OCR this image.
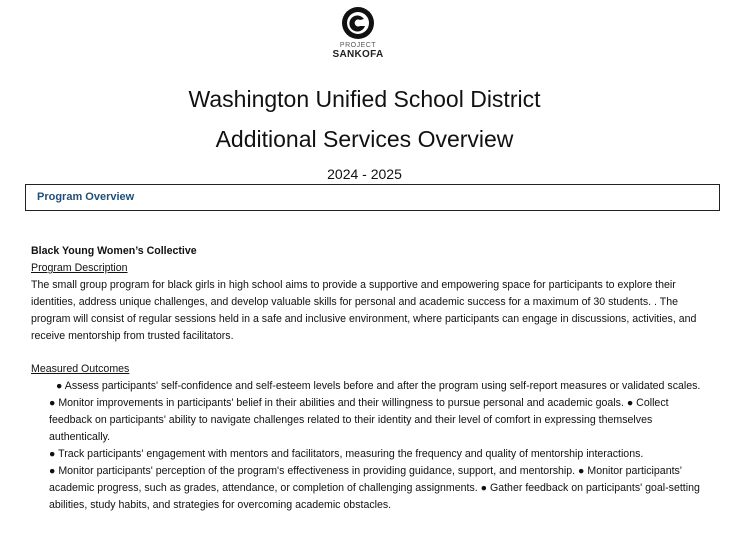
PROJECT
SANKOFA
Washington Unified School District
Additional Services Overview
2024 - 2025
Program Overview

Black Young Women’s Collective

Program Description

The small group program for black girls in high school aims to provide a supportive and empowering space for participants to explore their identities, address unique challenges, and develop valuable skills for personal and academic success for a maximum of 30 students. . The program will consist of regular sessions held in a safe and inclusive environment, where participants can engage in discussions, activities, and receive mentorship from trusted facilitators.

Measured Outcomes

● Assess participants' self-confidence and self-esteem levels before and after the program using self-report measures or validated scales.
● Monitor improvements in participants' belief in their abilities and their willingness to pursue personal and academic goals. ● Collect feedback on participants' ability to navigate challenges related to their identity and their level of comfort in expressing themselves authentically.
● Track participants' engagement with mentors and facilitators, measuring the frequency and quality of mentorship interactions.
● Monitor participants' perception of the program's effectiveness in providing guidance, support, and mentorship. ● Monitor participants' academic progress, such as grades, attendance, or completion of challenging assignments. ● Gather feedback on participants' goal-setting abilities, study habits, and strategies for overcoming academic obstacles.
